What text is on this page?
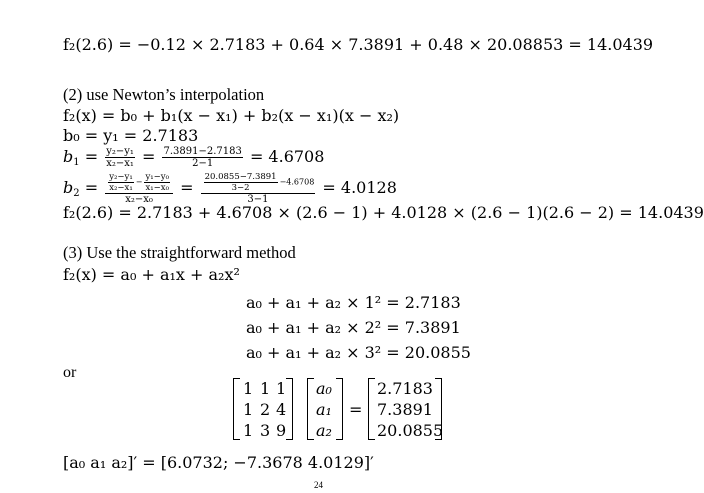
f₂(2.6) = −0.12 × 2.7183 + 0.64 × 7.3891 + 0.48 × 20.08853 = 14.0439
(2) use Newton’s interpolation
f₂(x) = b₀ + b₁(x − x₁) + b₂(x − x₁)(x − x₂)
b₀ = y₁ = 2.7183
$b_1 = \frac{\text{y₂−y₁}}{\text{x₂−x₁}} = \frac{7.3891-2.7183}{2-1} = 4.6708$
$b_2 = \frac{\frac{\text{y₂−y₁}}{\text{x₂−x₁}} - \frac{\text{y₁−y₀}}{\text{x₁−x₀}}}{\text{x₂−x₀}} = \frac{\frac{20.0855-7.3891}{3-2} -4.6708}{3-1} = 4.0128$
f₂(2.6) = 2.7183 + 4.6708 × (2.6 − 1) + 4.0128 × (2.6 − 1)(2.6 − 2) = 14.0439
(3) Use the straightforward method
f₂(x) = a₀ + a₁x + a₂x²
a₀ + a₁ + a₂ × 1² = 2.7183
a₀ + a₁ + a₂ × 2² = 7.3891
a₀ + a₁ + a₂ × 3² = 20.0855
or
1 1 1
1 2 4
1 3 9
a₀
a₁
a₂
=
2.7183
7.3891
20.0855
[a₀ a₁ a₂]′ = [6.0732; −7.3678 4.0129]′
24
